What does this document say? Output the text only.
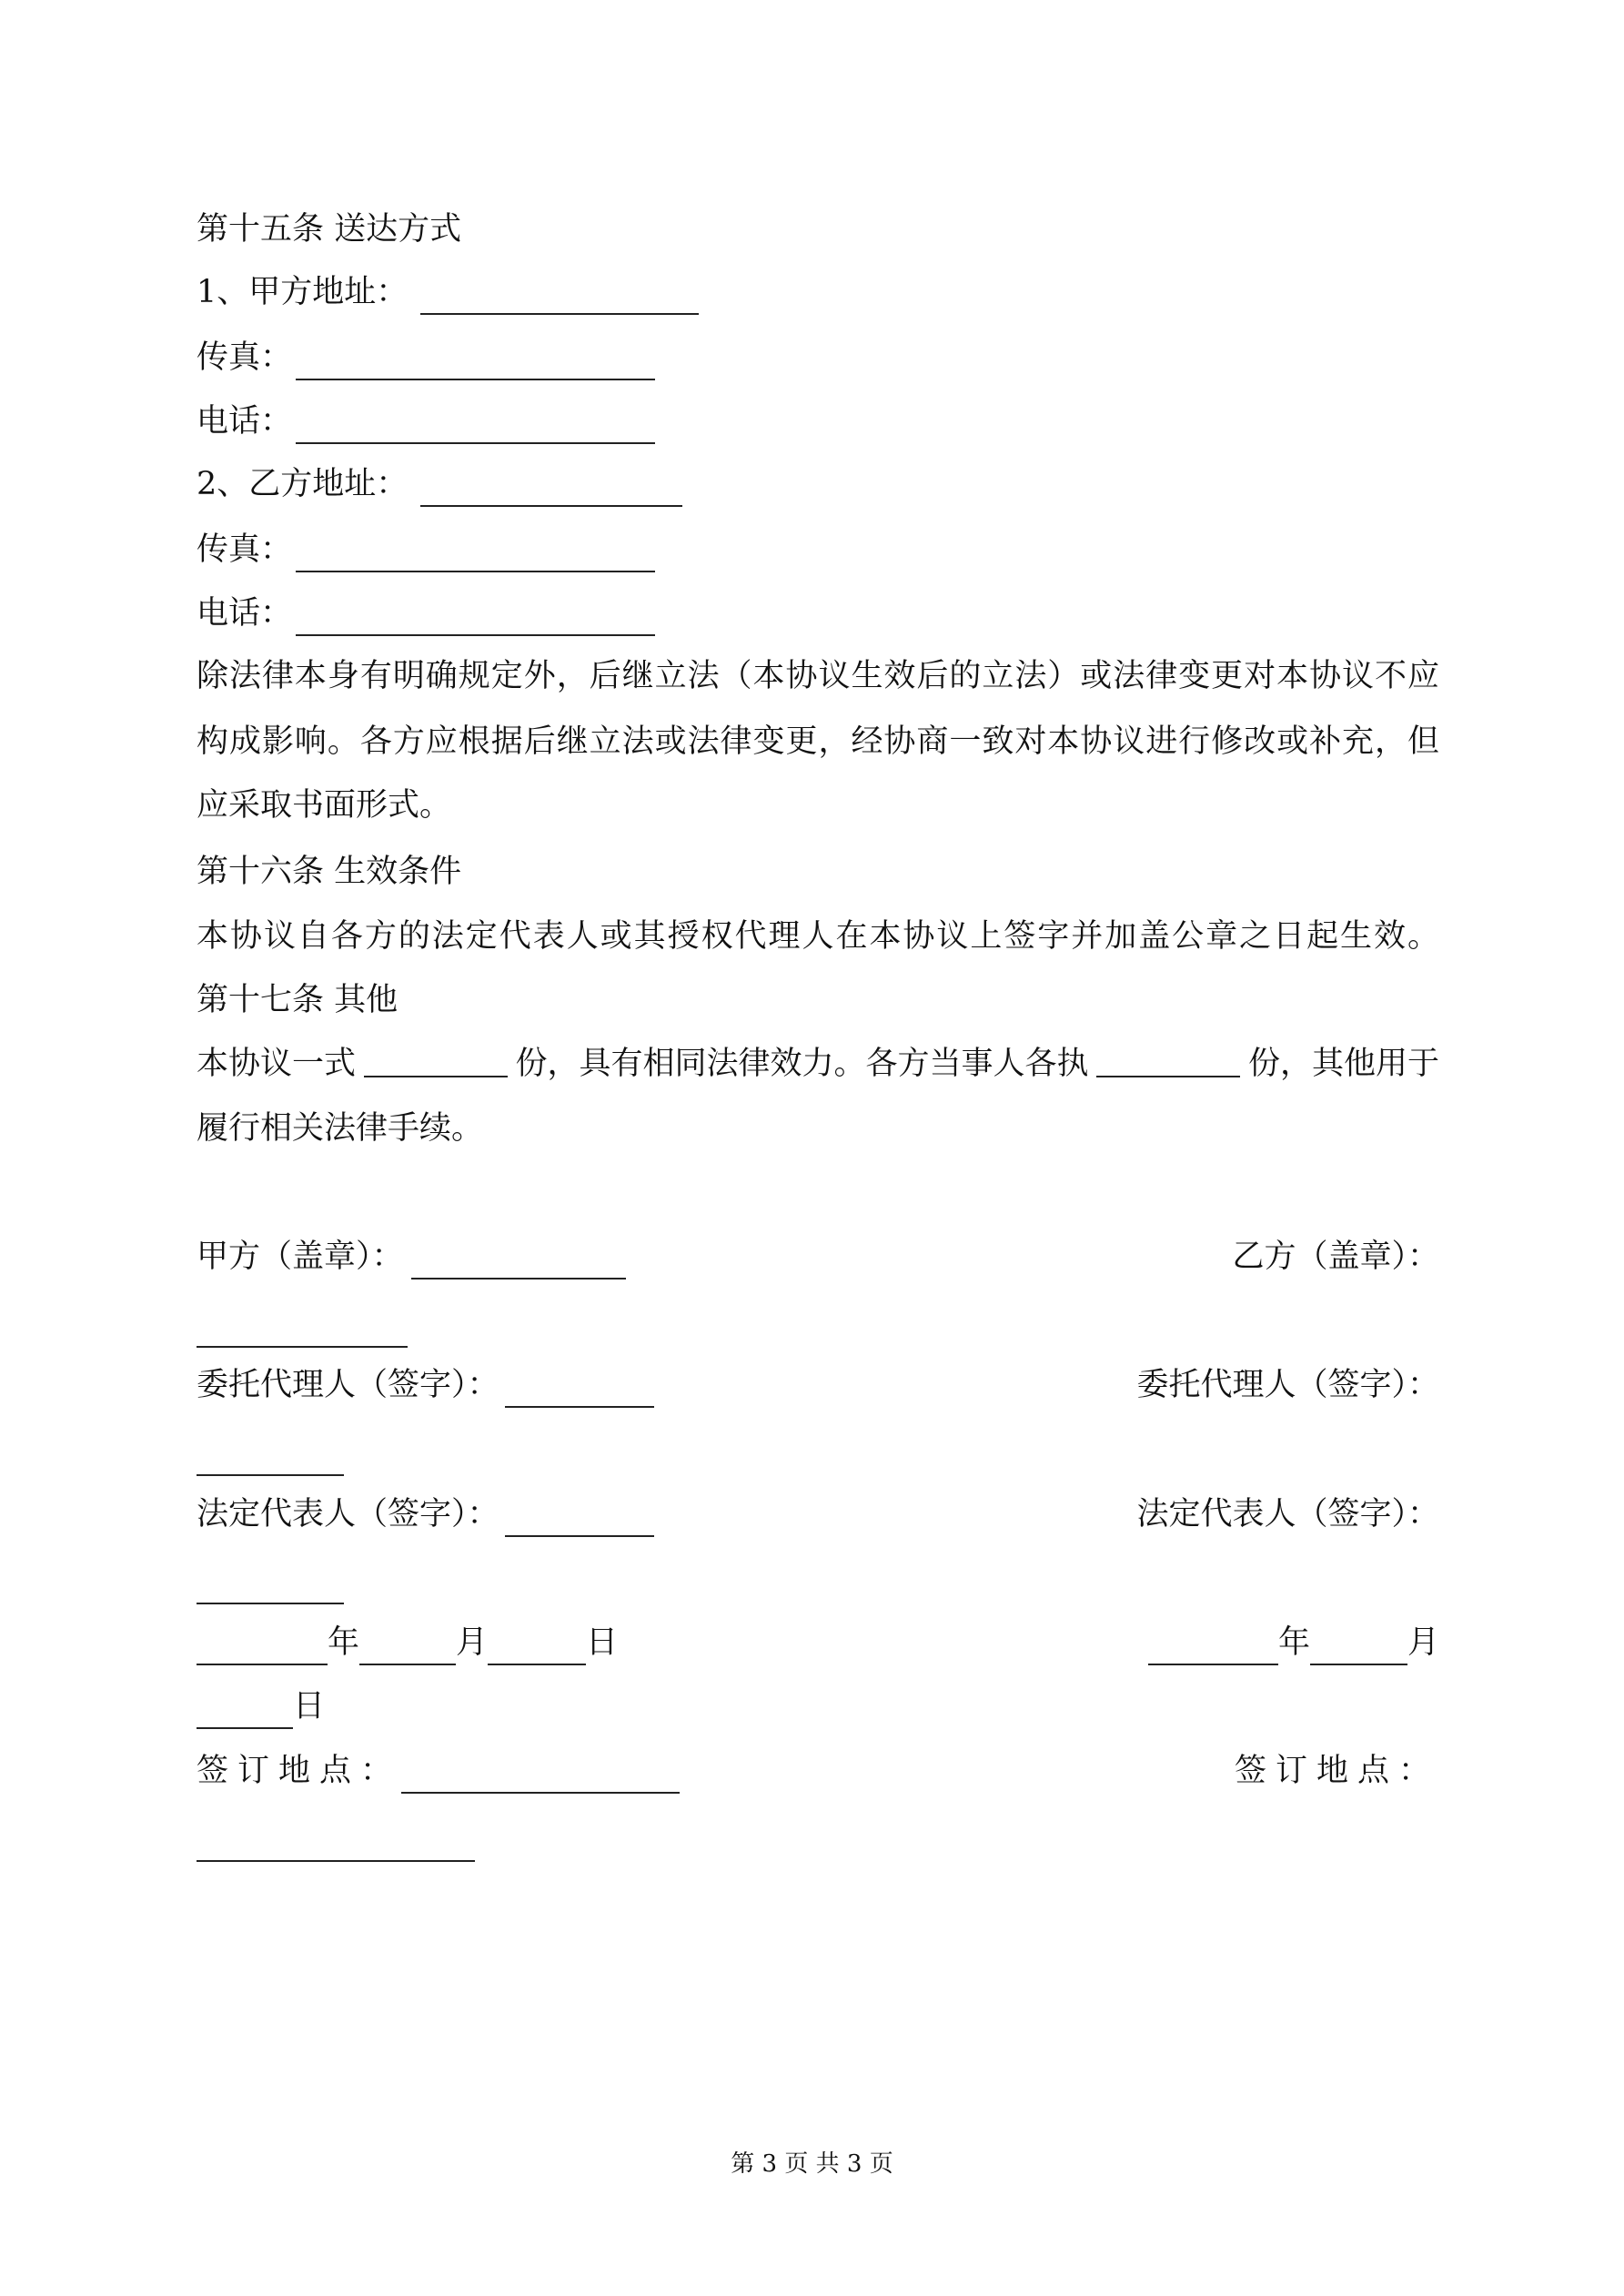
第十五条 送达方式
1、甲方地址：
传真：
电话：
2、乙方地址：
传真：
电话：
除法律本身有明确规定外，后继立法（本协议生效后的立法）或法律变更对本协议不应
构成影响。各方应根据后继立法或法律变更，经协商一致对本协议进行修改或补充，但
应采取书面形式。
第十六条 生效条件
本协议自各方的法定代表人或其授权代理人在本协议上签字并加盖公章之日起生效。
第十七条 其他
本协议一式	份，具有相同法律效力。各方当事人各执	份，其他用于
履行相关法律手续。
甲方（盖章）：	乙方（盖章）：
委托代理人（签字）：	委托代理人（签字）：
法定代表人（签字）：	法定代表人（签字）：
年	月	日	年	月
日
签订地点：	签订地点：
第 3 页 共 3 页
